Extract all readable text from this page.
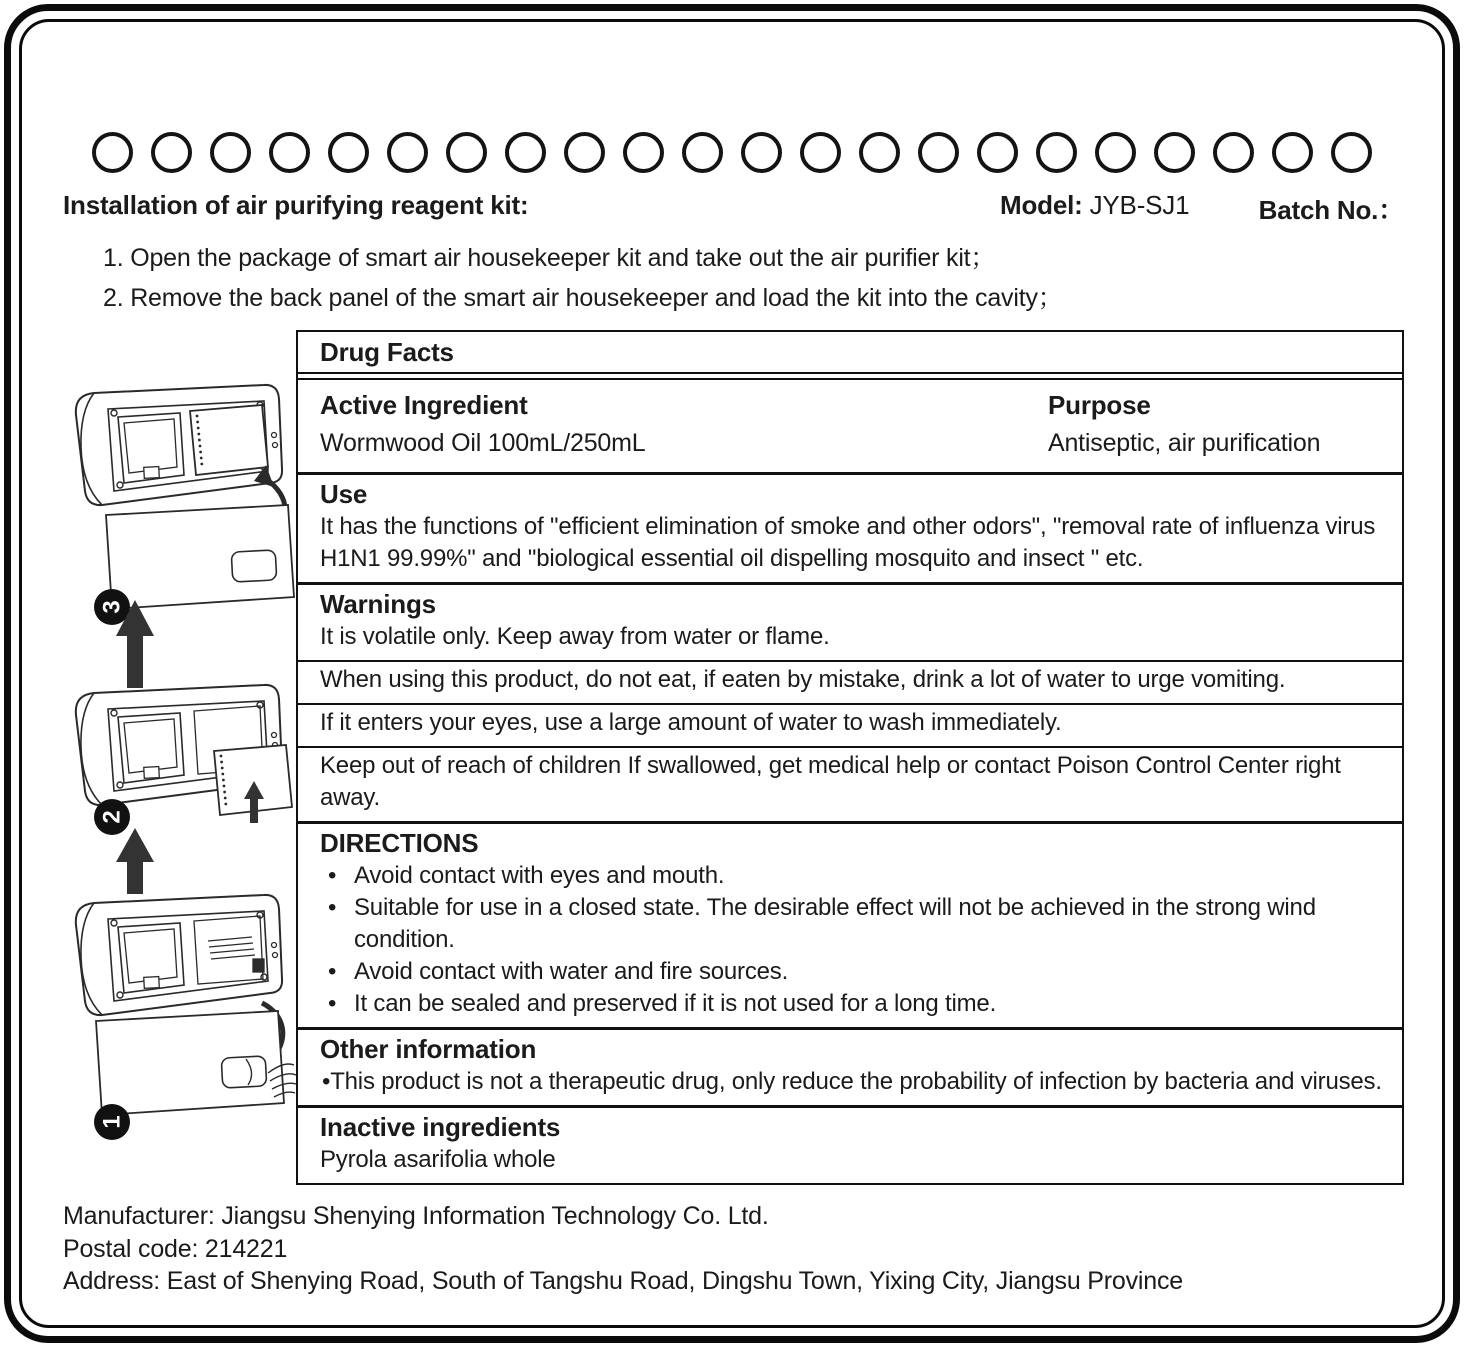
Installation of air purifying reagent kit:	Model: JYB-SJ1	Batch No.：
1. Open the package of smart air housekeeper kit and take out the air purifier kit；
2. Remove the back panel of the smart air housekeeper and load the kit into the cavity；
3
2
1
Drug Facts
Active Ingredient
Wormwood Oil 100mL/250mL
Purpose
Antiseptic, air purification
Use
It has the functions of "efficient elimination of smoke and other odors", "removal rate of influenza virus H1N1 99.99%" and "biological essential oil dispelling mosquito and insect " etc.
Warnings
It is volatile only. Keep away from water or flame.
When using this product, do not eat, if eaten by mistake, drink a lot of water to urge vomiting.
If it enters your eyes, use a large amount of water to wash immediately.
Keep out of reach of children If swallowed, get medical help or contact Poison Control Center right away.
DIRECTIONS
• Avoid contact with eyes and mouth.
• Suitable for use in a closed state. The desirable effect will not be achieved in the strong wind condition.
• Avoid contact with water and fire sources.
• It can be sealed and preserved if it is not used for a long time.
Other information
•This product is not a therapeutic drug, only reduce the probability of infection by bacteria and viruses.
Inactive ingredients
Pyrola asarifolia whole
Manufacturer: Jiangsu Shenying Information Technology Co. Ltd.
Postal code: 214221
Address: East of Shenying Road, South of Tangshu Road, Dingshu Town, Yixing City, Jiangsu Province
